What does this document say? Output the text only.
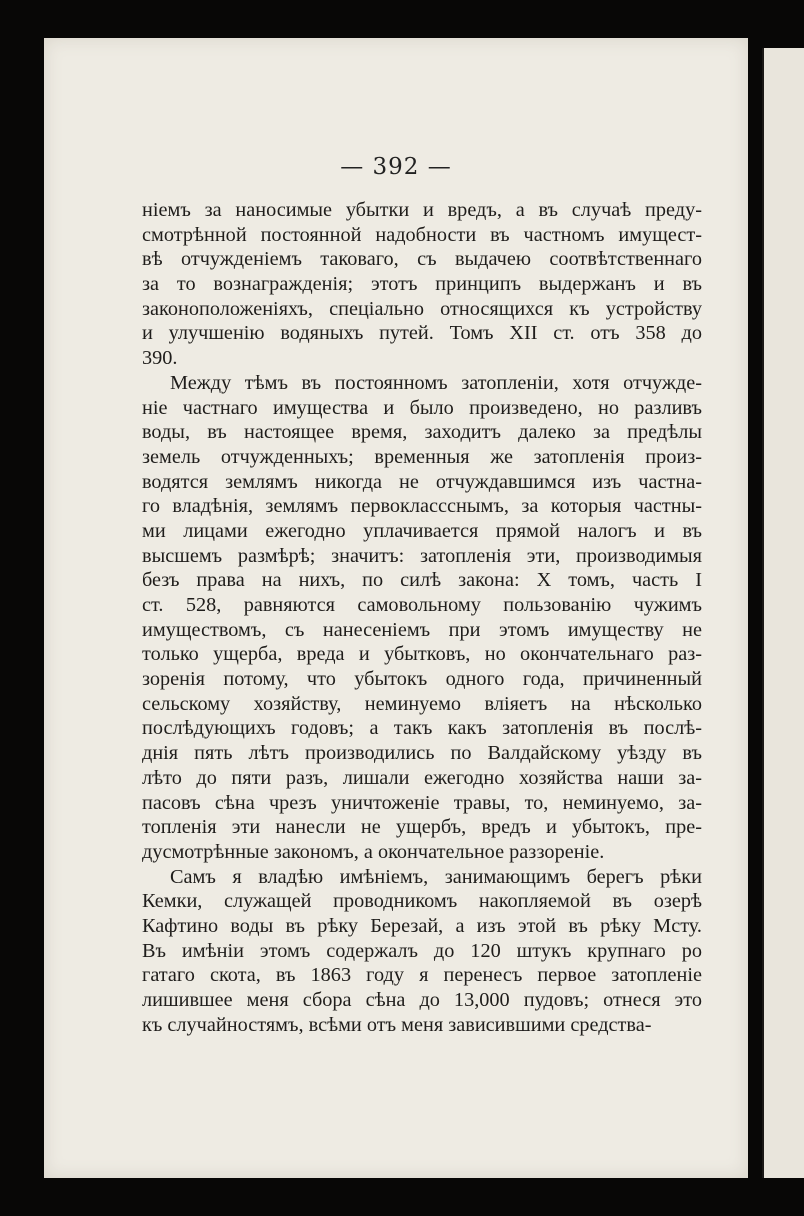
— 392 —
ніемъ за наносимые убытки и вредъ, а въ случаѣ преду-
смотрѣнной постоянной надобности въ частномъ имущест-
вѣ отчужденіемъ таковаго, съ выдачею соотвѣтственнаго
за то вознагражденія; этотъ принципъ выдержанъ и въ
законоположеніяхъ, спеціально относящихся къ устройству
и улучшенію водяныхъ путей. Томъ XII ст. отъ 358 до
390.
Между тѣмъ въ постоянномъ затопленіи, хотя отчужде-
ніе частнаго имущества и было произведено, но разливъ
воды, въ настоящее время, заходитъ далеко за предѣлы
земель отчужденныхъ; временныя же затопленія произ-
водятся землямъ никогда не отчуждавшимся изъ частна-
го владѣнія, землямъ первоклассснымъ, за которыя частны-
ми лицами ежегодно уплачивается прямой налогъ и въ
высшемъ размѣрѣ; значитъ: затопленія эти, производимыя
безъ права на нихъ, по силѣ закона: X томъ, часть I
ст. 528, равняются самовольному пользованію чужимъ
имуществомъ, съ нанесеніемъ при этомъ имуществу не
только ущерба, вреда и убытковъ, но окончательнаго раз-
зоренія потому, что убытокъ одного года, причиненный
сельскому хозяйству, неминуемо вліяетъ на нѣсколько
послѣдующихъ годовъ; а такъ какъ затопленія въ послѣ-
днія пять лѣтъ производились по Валдайскому уѣзду въ
лѣто до пяти разъ, лишали ежегодно хозяйства наши за-
пасовъ сѣна чрезъ уничтоженіе травы, то, неминуемо, за-
топленія эти нанесли не ущербъ, вредъ и убытокъ, пре-
дусмотрѣнные закономъ, а окончательное раззореніе.
Самъ я владѣю имѣніемъ, занимающимъ берегъ рѣки
Кемки, служащей проводникомъ накопляемой въ озерѣ
Кафтино воды въ рѣку Березай, а изъ этой въ рѣку Мсту.
Въ имѣніи этомъ содержалъ до 120 штукъ крупнаго ро
гатаго скота, въ 1863 году я перенесъ первое затопленіе
лишившее меня сбора сѣна до 13,000 пудовъ; отнеся это
къ случайностямъ, всѣми отъ меня зависившими средства-
